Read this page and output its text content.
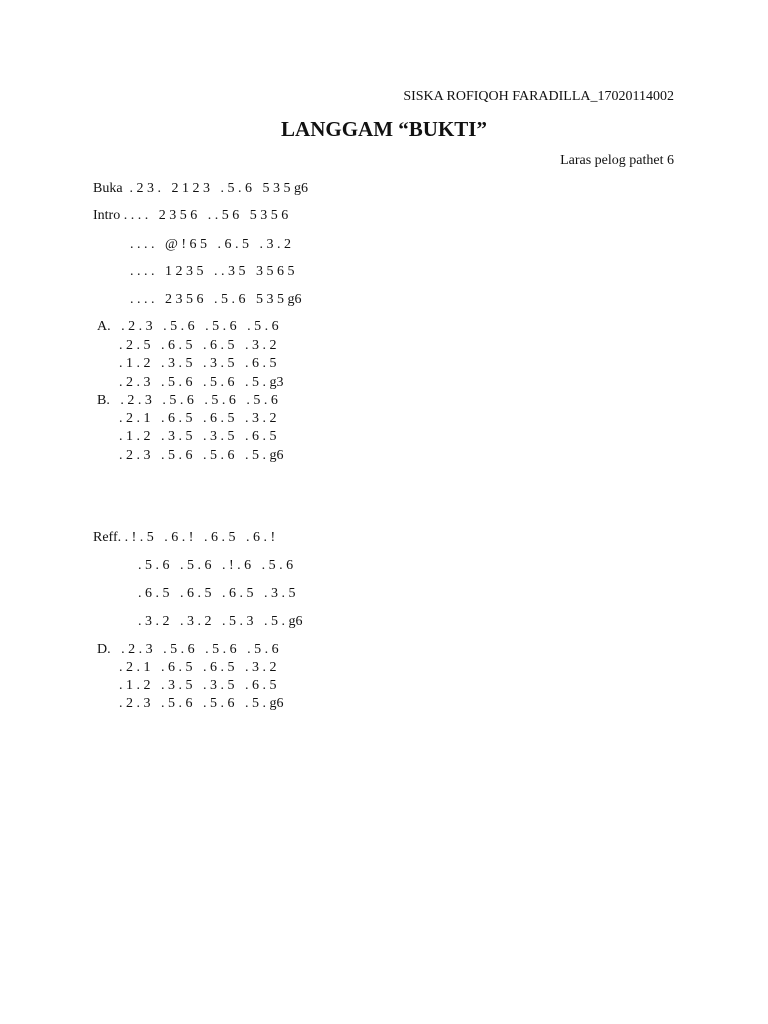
SISKA ROFIQOH FARADILLA_17020114002
LANGGAM “BUKTI”
Laras pelog pathet 6
Buka  . 2 3 .   2 1 2 3   . 5 . 6   5 3 5 g6
Intro . . . .   2 3 5 6   . . 5 6   5 3 5 6
. . . .   @ ! 6 5   . 6 . 5   . 3 . 2
. . . .   1 2 3 5   . . 3 5   3 5 6 5
. . . .   2 3 5 6   . 5 . 6   5 3 5 g6
A.   . 2 . 3   . 5 . 6   . 5 . 6   . 5 . 6
. 2 . 5   . 6 . 5   . 6 . 5   . 3 . 2
. 1 . 2   . 3 . 5   . 3 . 5   . 6 . 5
. 2 . 3   . 5 . 6   . 5 . 6   . 5 . g3
B.   . 2 . 3   . 5 . 6   . 5 . 6   . 5 . 6
. 2 . 1   . 6 . 5   . 6 . 5   . 3 . 2
. 1 . 2   . 3 . 5   . 3 . 5   . 6 . 5
. 2 . 3   . 5 . 6   . 5 . 6   . 5 . g6
Reff. . ! . 5   . 6 . !   . 6 . 5   . 6 . !
. 5 . 6   . 5 . 6   . ! . 6   . 5 . 6
. 6 . 5   . 6 . 5   . 6 . 5   . 3 . 5
. 3 . 2   . 3 . 2   . 5 . 3   . 5 . g6
D.   . 2 . 3   . 5 . 6   . 5 . 6   . 5 . 6
. 2 . 1   . 6 . 5   . 6 . 5   . 3 . 2
. 1 . 2   . 3 . 5   . 3 . 5   . 6 . 5
. 2 . 3   . 5 . 6   . 5 . 6   . 5 . g6
